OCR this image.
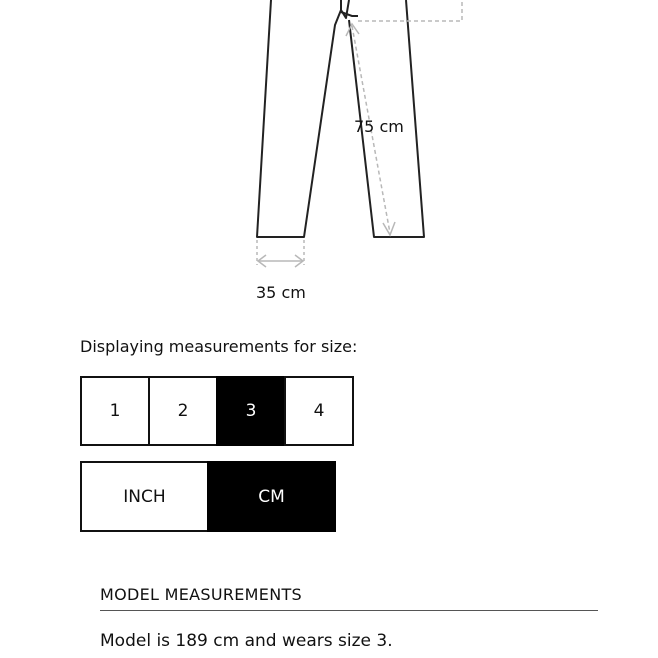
75 cm
35 cm
Displaying measurements for size:
1	2	3	4
INCH	CM
MODEL MEASUREMENTS
Model is 189 cm and wears size 3.
